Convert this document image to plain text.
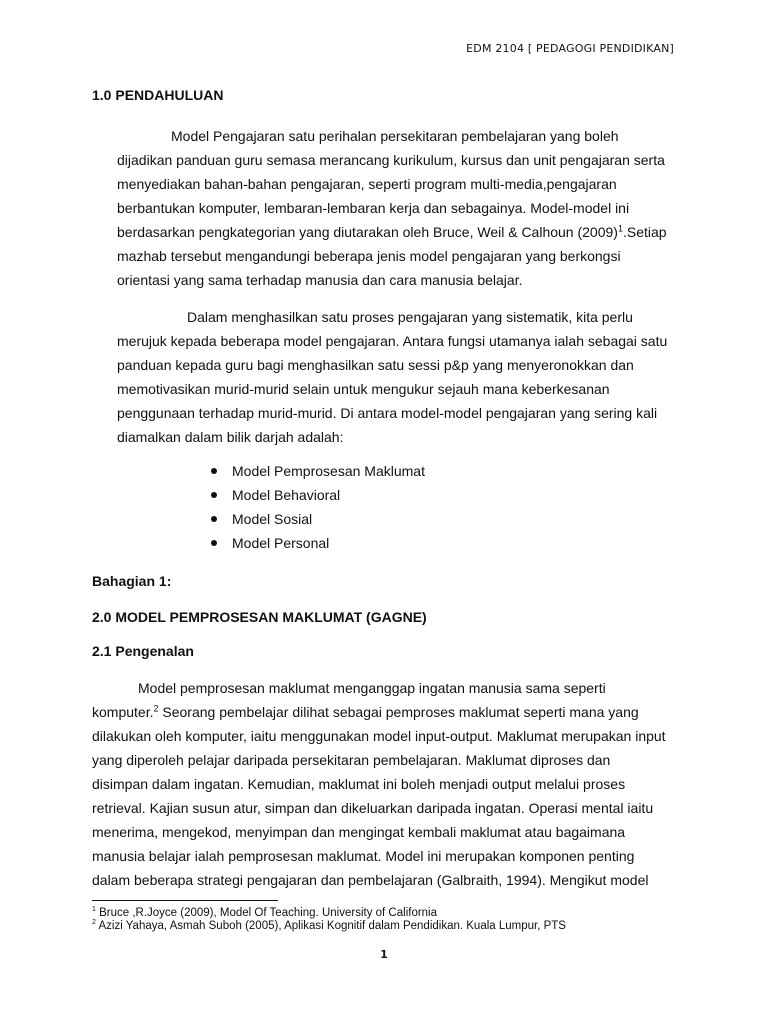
EDM 2104 [ PEDAGOGI PENDIDIKAN]
1.0 PENDAHULUAN

Model Pengajaran satu perihalan persekitaran pembelajaran yang boleh

dijadikan panduan guru semasa merancang kurikulum, kursus dan unit pengajaran serta

menyediakan bahan-bahan pengajaran, seperti program multi-media,pengajaran

berbantukan komputer, lembaran-lembaran kerja dan sebagainya. Model-model ini

berdasarkan pengkategorian yang diutarakan oleh Bruce, Weil & Calhoun $(2009)^1.Setiap$

mazhab tersebut mengandungi beberapa jenis model pengajaran yang berkongsi

orientasi yang sama terhadap manusia dan cara manusia belajar.

Dalam menghasilkan satu proses pengajaran yang sistematik, kita perlu

merujuk kepada beberapa model pengajaran. Antara fungsi utamanya ialah sebagai satu

panduan kepada guru bagi menghasilkan satu sessi p&p yang menyeronokkan dan

memotivasikan murid-murid selain untuk mengukur sejauh mana keberkesanan

penggunaan terhadap murid-murid. Di antara model-model pengajaran yang sering kali

diamalkan dalam bilik darjah adalah:

Model Pemprosesan Maklumat
Model Behavioral
Model Sosial
Model Personal
Bahagian 1:
2.0 MODEL PEMPROSESAN MAKLUMAT (GAGNE)
2.1 Pengenalan

Model pemprosesan maklumat menganggap ingatan manusia sama seperti

komputer.$^2$ Seorang pembelajar dilihat sebagai pemproses maklumat seperti mana yang

dilakukan oleh komputer, iaitu menggunakan model input-output. Maklumat merupakan input

yang diperoleh pelajar daripada persekitaran pembelajaran. Maklumat diproses dan

disimpan dalam ingatan. Kemudian, maklumat ini boleh menjadi output melalui proses

retrieval. Kajian susun atur, simpan dan dikeluarkan daripada ingatan. Operasi mental iaitu

menerima, mengekod, menyimpan dan mengingat kembali maklumat atau bagaimana

manusia belajar ialah pemprosesan maklumat. Model ini merupakan komponen penting

dalam beberapa strategi pengajaran dan pembelajaran (Galbraith, 1994). Mengikut model

$^1$ Bruce ,R.Joyce (2009), Model Of Teaching. University of California
$^2$ Azizi Yahaya, Asmah Suboh (2005), Aplikasi Kognitif dalam Pendidikan. Kuala Lumpur, PTS
1
